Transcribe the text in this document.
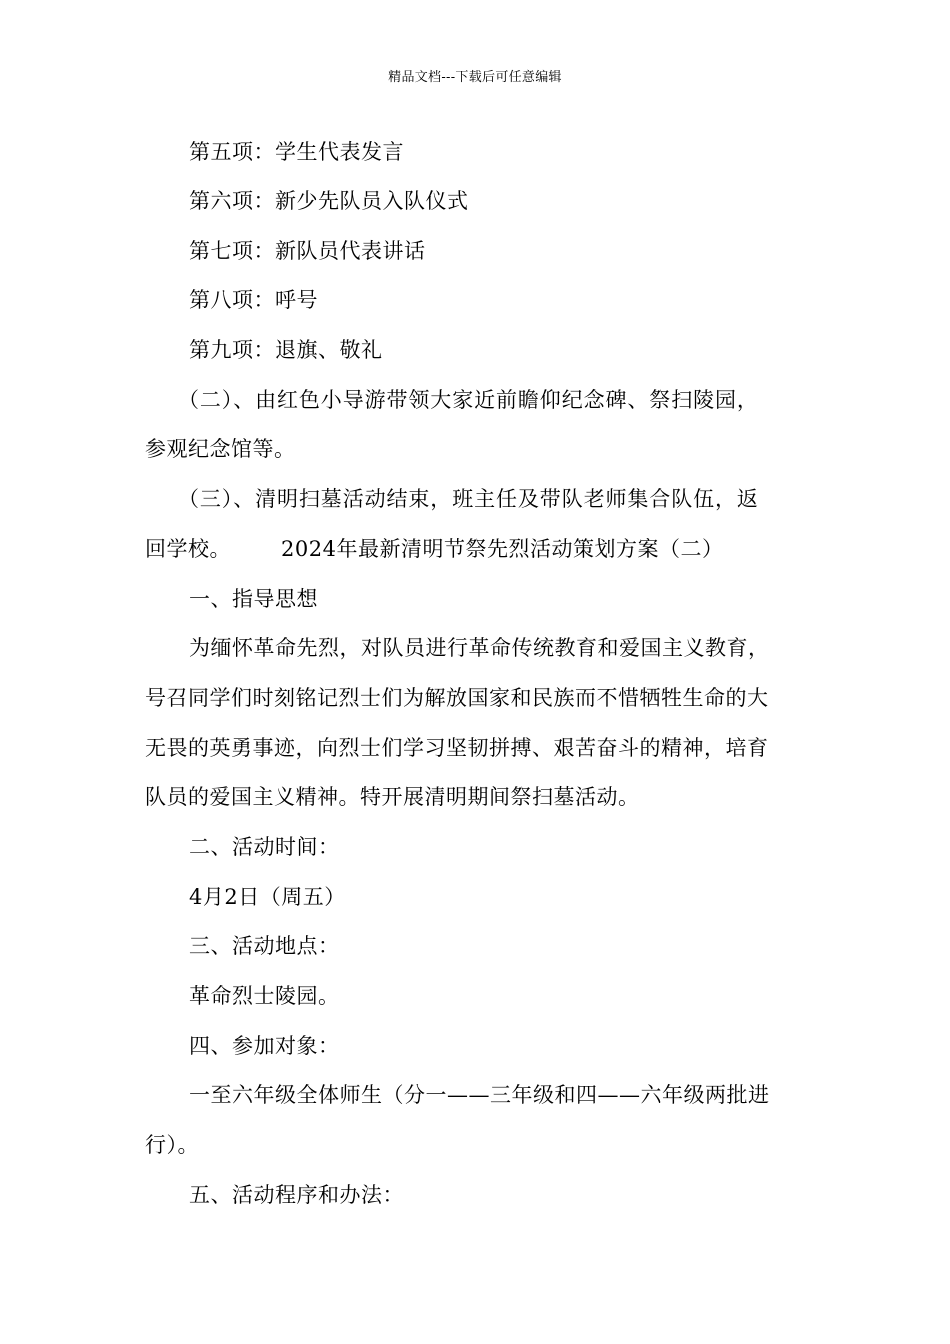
精品文档---下载后可任意编辑
第五项：学生代表发言
第六项：新少先队员入队仪式
第七项：新队员代表讲话
第八项：呼号
第九项：退旗、敬礼
（二）、由红色小导游带领大家近前瞻仰纪念碑、祭扫陵园，
参观纪念馆等。
（三）、清明扫墓活动结束，班主任及带队老师集合队伍，返
回学校。 2024年最新清明节祭先烈活动策划方案（二）
一、指导思想
为缅怀革命先烈，对队员进行革命传统教育和爱国主义教育，
号召同学们时刻铭记烈士们为解放国家和民族而不惜牺牲生命的大
无畏的英勇事迹，向烈士们学习坚韧拼搏、艰苦奋斗的精神，培育
队员的爱国主义精神。特开展清明期间祭扫墓活动。
二、活动时间：
4月2日（周五）
三、活动地点：
革命烈士陵园。
四、参加对象：
一至六年级全体师生（分一——三年级和四——六年级两批进
行）。
五、活动程序和办法：
